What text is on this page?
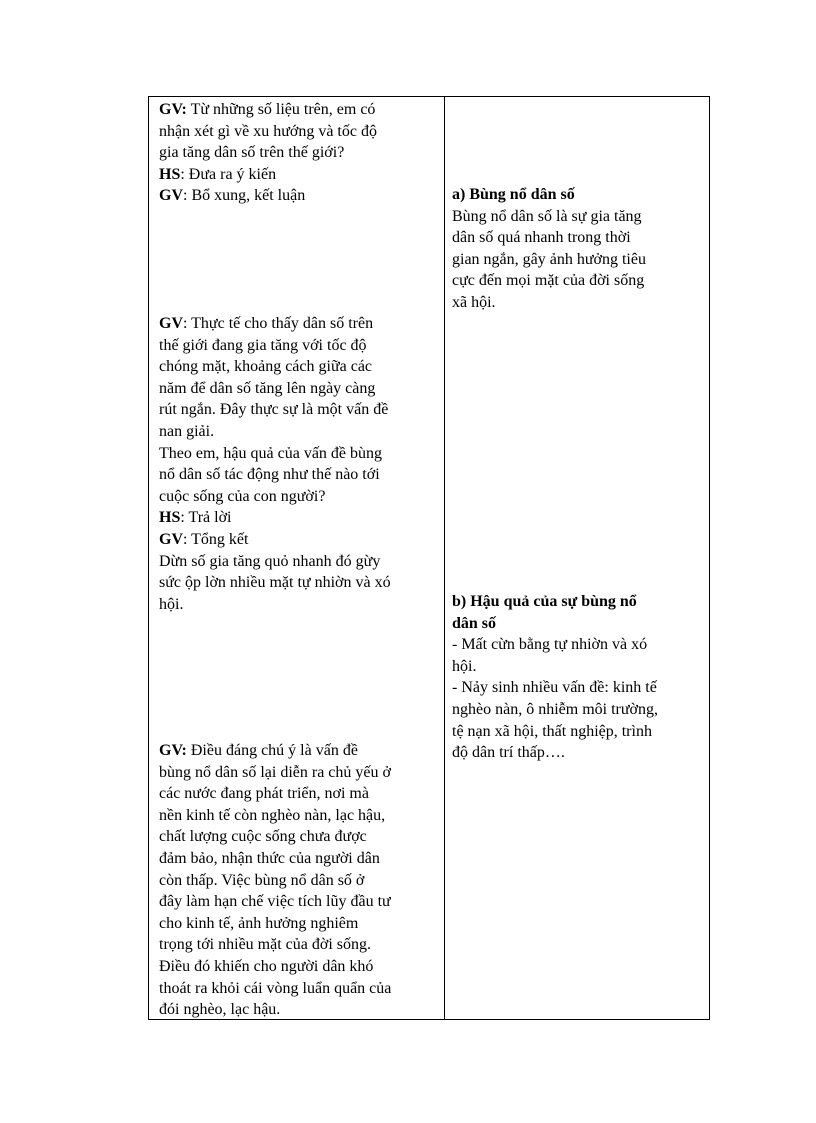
GV: Từ những số liệu trên, em có
nhận xét gì về xu hướng và tốc độ
gia tăng dân số trên thế giới?
HS: Đưa ra ý kiến
GV: Bổ xung, kết luận
GV: Thực tế cho thấy dân số trên
thế giới đang gia tăng với tốc độ
chóng mặt, khoảng cách giữa các
năm để dân số tăng lên ngày càng
rút ngắn. Đây thực sự là một vấn đề
nan giải.
Theo em, hậu quả của vấn đề bùng
nổ dân số tác động như thế nào tới
cuộc sống của con người?
HS: Trả lời
GV: Tổng kết
Dừn số gia tăng quỏ nhanh đó gừy
sức ộp lờn nhiều mặt tự nhiờn và xó
hội.
GV: Điều đáng chú ý là vấn đề
bùng nổ dân số lại diễn ra chủ yếu ở
các nước đang phát triển, nơi mà
nền kinh tế còn nghèo nàn, lạc hậu,
chất lượng cuộc sống chưa được
đảm bảo, nhận thức của người dân
còn thấp. Việc bùng nổ dân số ở
đây làm hạn chế việc tích lũy đầu tư
cho kinh tế, ảnh hưởng nghiêm
trọng tới nhiều mặt của đời sống.
Điều đó khiến cho người dân khó
thoát ra khỏi cái vòng luẩn quẩn của
đói nghèo, lạc hậu.
a) Bùng nổ dân số
Bùng nổ dân số là sự gia tăng
dân số quá nhanh trong thời
gian ngắn, gây ảnh hưởng tiêu
cực đến mọi mặt của đời sống
xã hội.
b) Hậu quả của sự bùng nổ
dân số
- Mất cừn bằng tự nhiờn và xó
hội.
- Nảy sinh nhiều vấn đề: kinh tế
nghèo nàn, ô nhiễm môi trường,
tệ nạn xã hội, thất nghiệp, trình
độ dân trí thấp….
